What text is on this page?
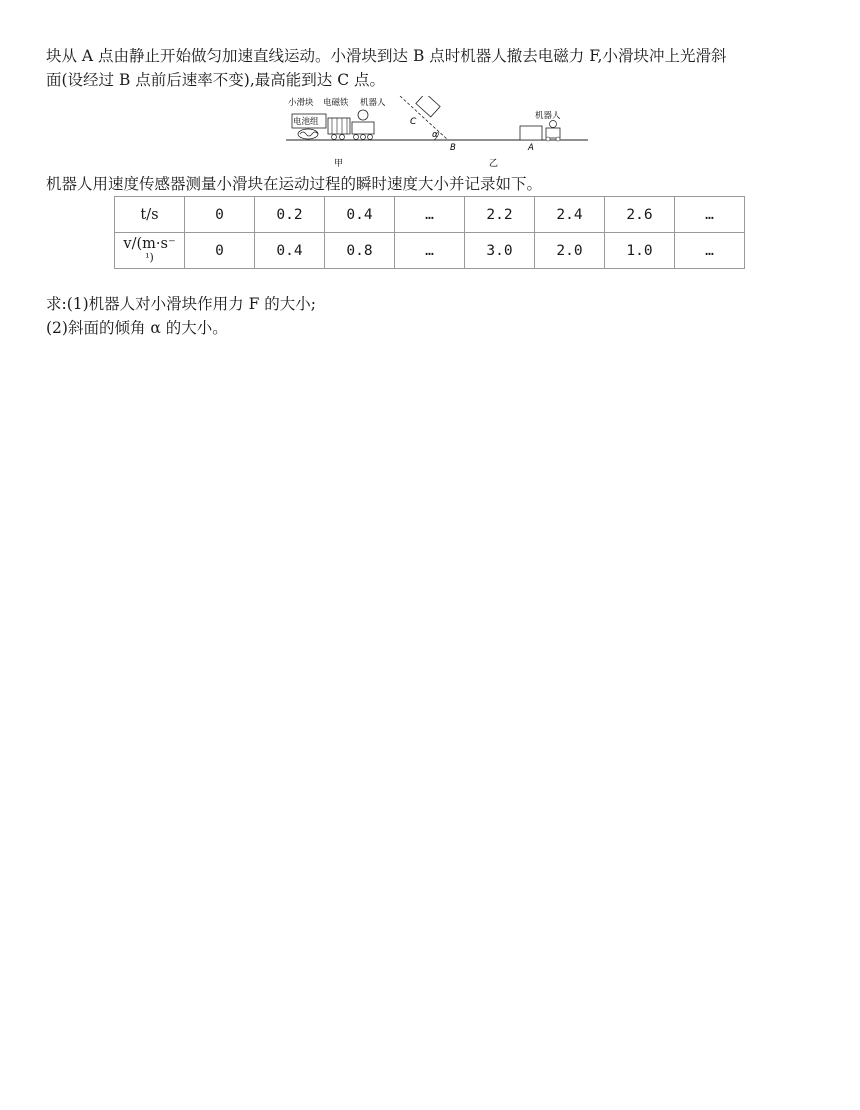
块从 A 点由静止开始做匀加速直线运动。小滑块到达 B 点时机器人撤去电磁力 F,小滑块冲上光滑斜

面(设经过 B 点前后速率不变),最高能到达 C 点。

小滑块 电磁铁 机器人
电池组	C
α
B
机器人
A
甲	乙

机器人用速度传感器测量小滑块在运动过程的瞬时速度大小并记录如下。

t/s	0	0.2	0.4	…	2.2	2.4	2.6	…

v/(m·s⁻
¹)	0	0.4	0.8	…	3.0	2.0	1.0	…

求:(1)机器人对小滑块作用力 F 的大小;

(2)斜面的倾角 α 的大小。
